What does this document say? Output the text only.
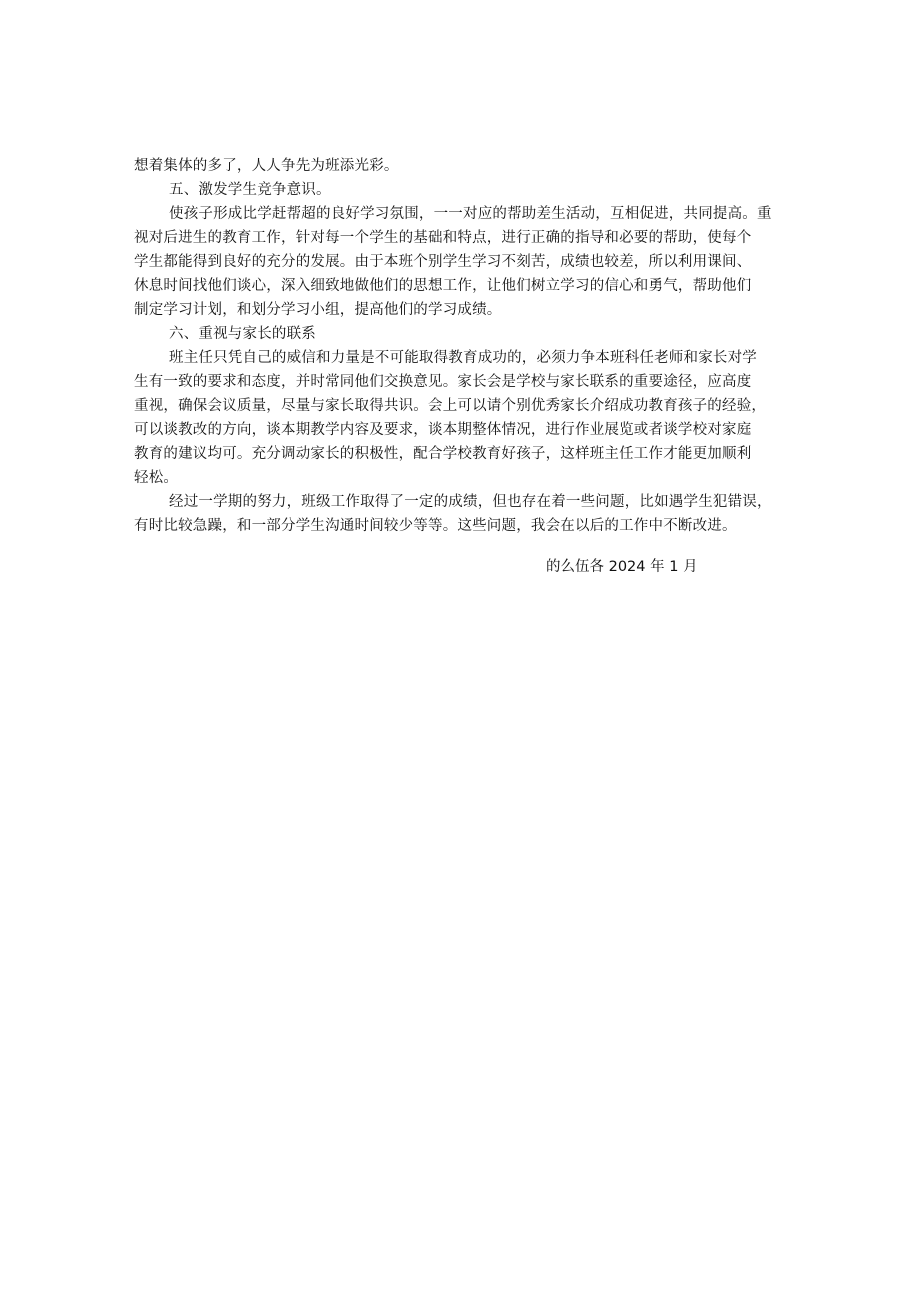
想着集体的多了，人人争先为班添光彩。
五、激发学生竞争意识。
使孩子形成比学赶帮超的良好学习氛围，一一对应的帮助差生活动，互相促进，共同提高。重
视对后进生的教育工作，针对每一个学生的基础和特点，进行正确的指导和必要的帮助，使每个
学生都能得到良好的充分的发展。由于本班个别学生学习不刻苦，成绩也较差，所以利用课间、
休息时间找他们谈心，深入细致地做他们的思想工作，让他们树立学习的信心和勇气，帮助他们
制定学习计划，和划分学习小组，提高他们的学习成绩。
六、重视与家长的联系
班主任只凭自己的威信和力量是不可能取得教育成功的，必须力争本班科任老师和家长对学
生有一致的要求和态度，并时常同他们交换意见。家长会是学校与家长联系的重要途径，应高度
重视，确保会议质量，尽量与家长取得共识。会上可以请个别优秀家长介绍成功教育孩子的经验，
可以谈教改的方向，谈本期教学内容及要求，谈本期整体情况，进行作业展览或者谈学校对家庭
教育的建议均可。充分调动家长的积极性，配合学校教育好孩子，这样班主任工作才能更加顺利
轻松。
经过一学期的努力，班级工作取得了一定的成绩，但也存在着一些问题，比如遇学生犯错误，
有时比较急躁，和一部分学生沟通时间较少等等。这些问题，我会在以后的工作中不断改进。
的么伍各 2024 年 1 月
